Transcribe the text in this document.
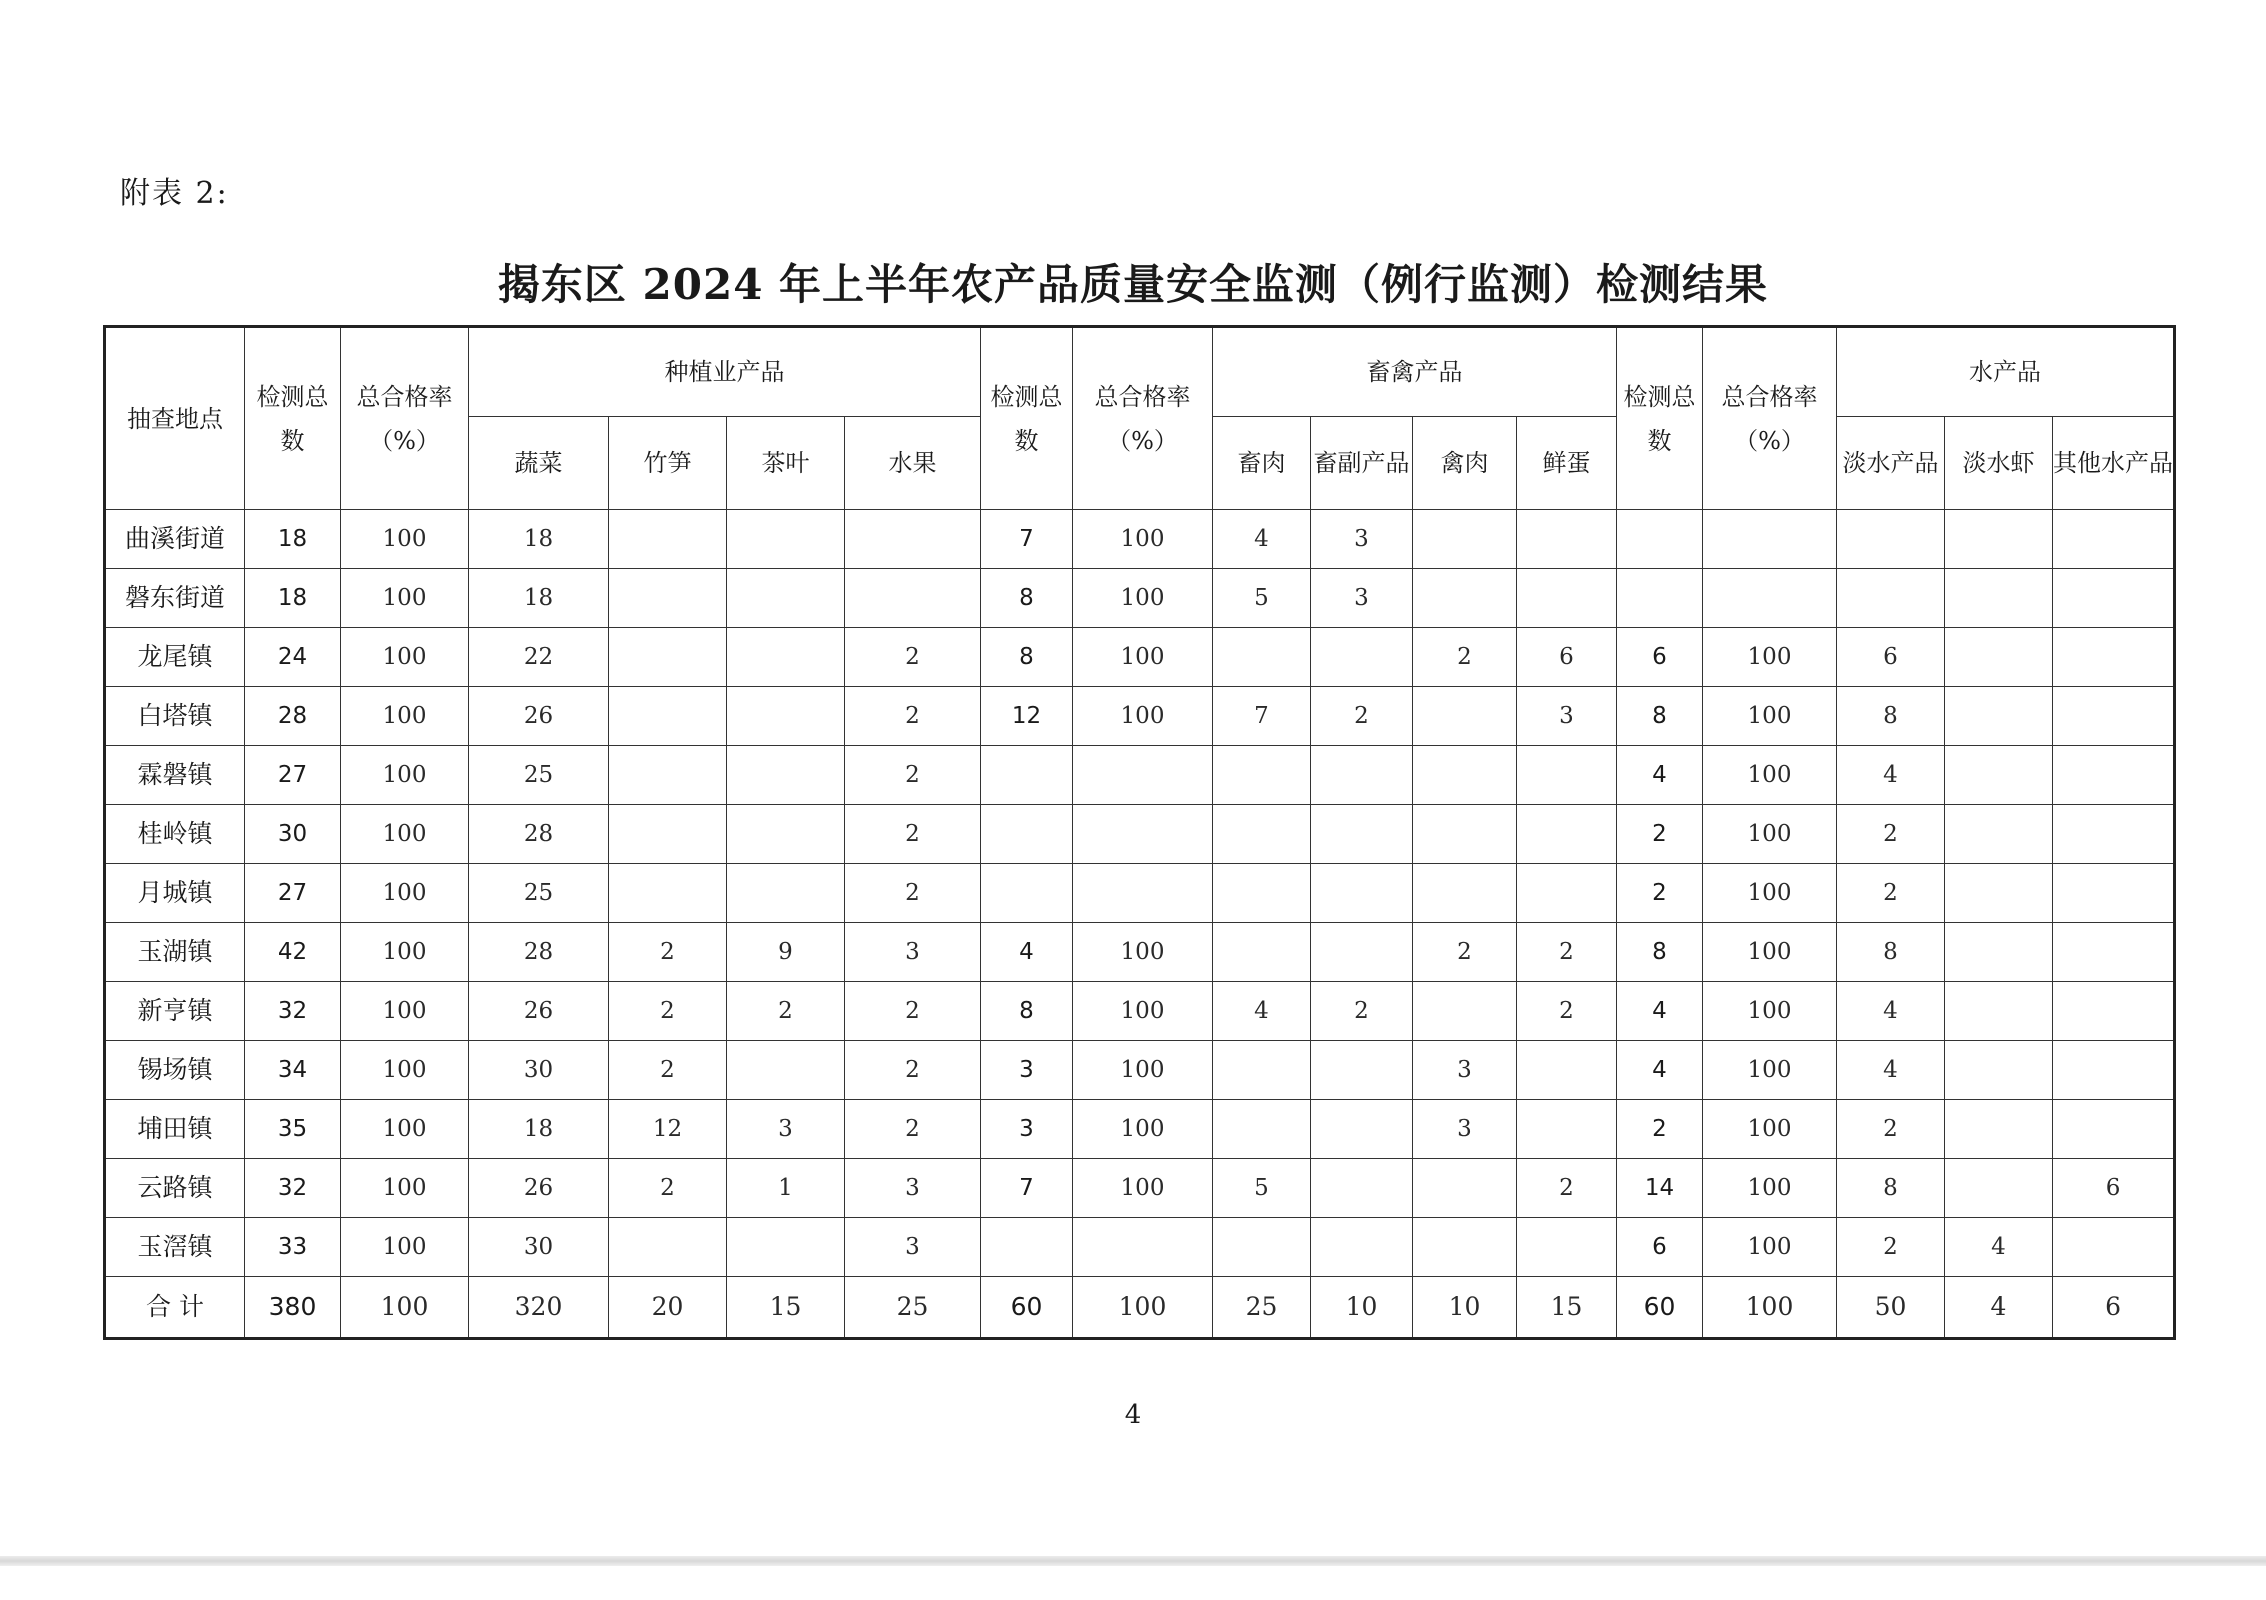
附表 2:
揭东区 2024 年上半年农产品质量安全监测（例行监测）检测结果
抽查地点	检测总数	总合格率（%）	种植业产品				检测总数	总合格率（%）	畜禽产品				检测总数	总合格率（%）	水产品		
			蔬菜	竹笋	茶叶	水果			畜肉	畜副产品	禽肉	鲜蛋			淡水产品	淡水虾	其他水产品
曲溪街道	18	100	18				7	100	4	3							
磐东街道	18	100	18				8	100	5	3							
龙尾镇	24	100	22			2	8	100			2	6	6	100	6		
白塔镇	28	100	26			2	12	100	7	2		3	8	100	8		
霖磐镇	27	100	25			2							4	100	4		
桂岭镇	30	100	28			2							2	100	2		
月城镇	27	100	25			2							2	100	2		
玉湖镇	42	100	28	2	9	3	4	100			2	2	8	100	8		
新亨镇	32	100	26	2	2	2	8	100	4	2		2	4	100	4		
锡场镇	34	100	30	2		2	3	100			3		4	100	4		
埔田镇	35	100	18	12	3	2	3	100			3		2	100	2		
云路镇	32	100	26	2	1	3	7	100	5			2	14	100	8		6
玉滘镇	33	100	30			3							6	100	2	4	
合 计	380	100	320	20	15	25	60	100	25	10	10	15	60	100	50	4	6
4
